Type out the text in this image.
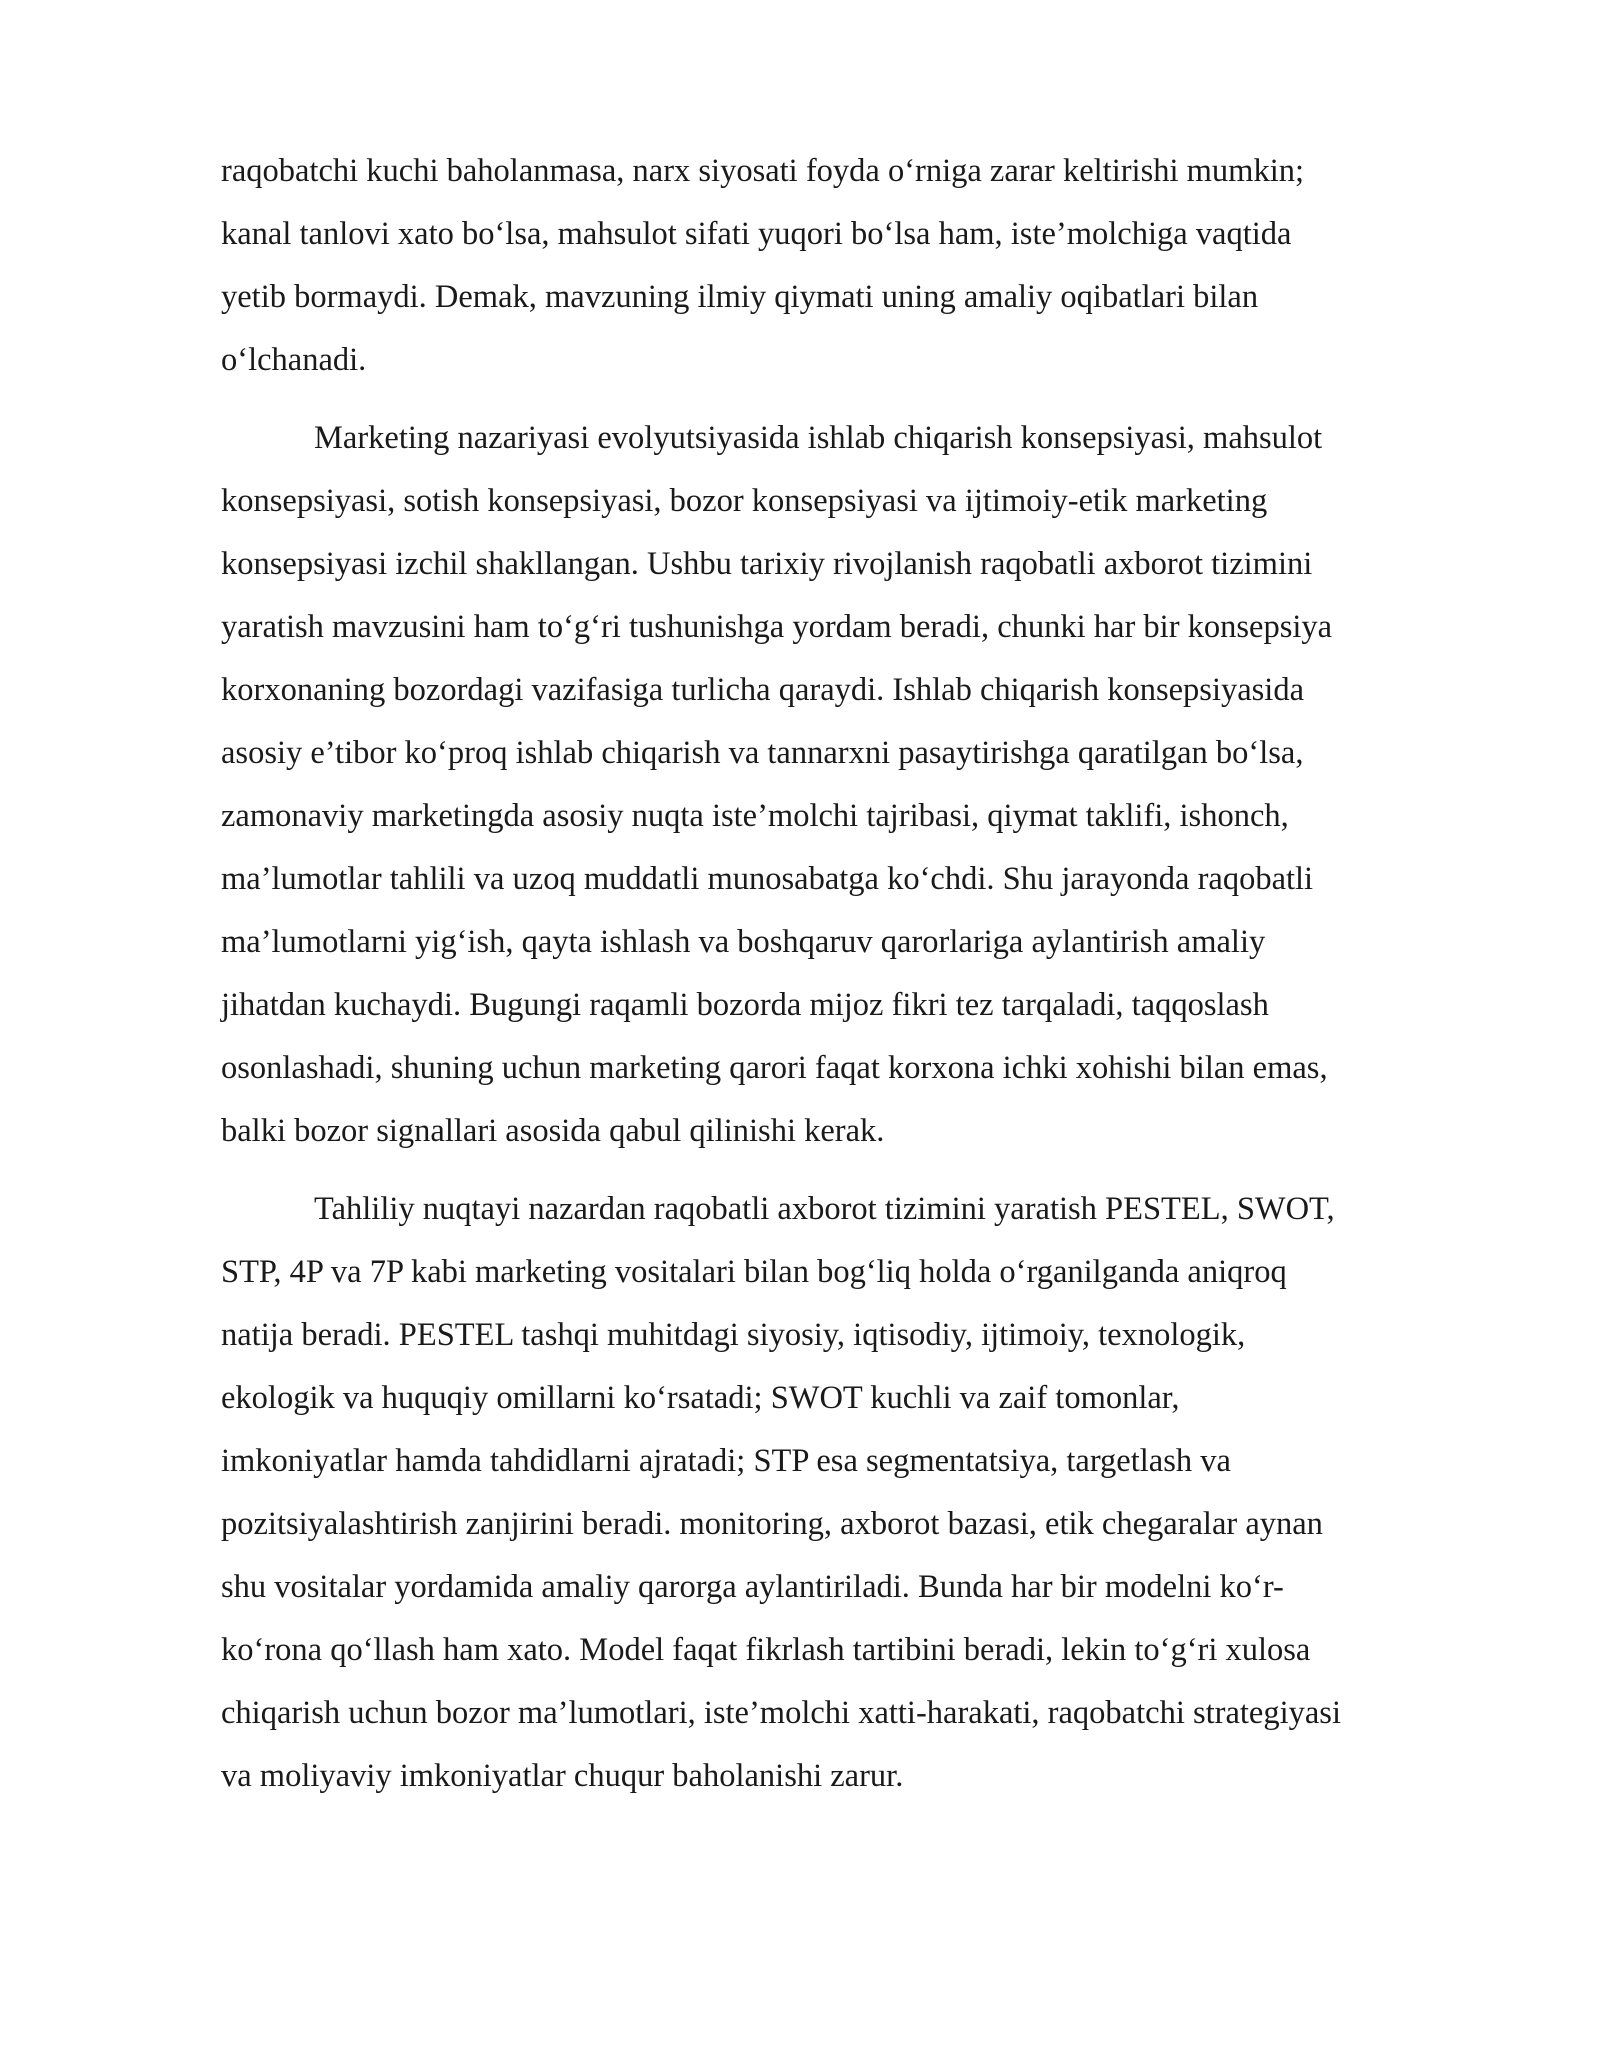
raqobatchi kuchi baholanmasa, narx siyosati foyda o‘rniga zarar keltirishi mumkin;
kanal tanlovi xato bo‘lsa, mahsulot sifati yuqori bo‘lsa ham, iste’molchiga vaqtida
yetib bormaydi. Demak, mavzuning ilmiy qiymati uning amaliy oqibatlari bilan
o‘lchanadi.

Marketing nazariyasi evolyutsiyasida ishlab chiqarish konsepsiyasi, mahsulot
konsepsiyasi, sotish konsepsiyasi, bozor konsepsiyasi va ijtimoiy-etik marketing
konsepsiyasi izchil shakllangan. Ushbu tarixiy rivojlanish raqobatli axborot tizimini
yaratish mavzusini ham to‘g‘ri tushunishga yordam beradi, chunki har bir konsepsiya
korxonaning bozordagi vazifasiga turlicha qaraydi. Ishlab chiqarish konsepsiyasida
asosiy e’tibor ko‘proq ishlab chiqarish va tannarxni pasaytirishga qaratilgan bo‘lsa,
zamonaviy marketingda asosiy nuqta iste’molchi tajribasi, qiymat taklifi, ishonch,
ma’lumotlar tahlili va uzoq muddatli munosabatga ko‘chdi. Shu jarayonda raqobatli
ma’lumotlarni yig‘ish, qayta ishlash va boshqaruv qarorlariga aylantirish amaliy
jihatdan kuchaydi. Bugungi raqamli bozorda mijoz fikri tez tarqaladi, taqqoslash
osonlashadi, shuning uchun marketing qarori faqat korxona ichki xohishi bilan emas,
balki bozor signallari asosida qabul qilinishi kerak.

Tahliliy nuqtayi nazardan raqobatli axborot tizimini yaratish PESTEL, SWOT,
STP, 4P va 7P kabi marketing vositalari bilan bog‘liq holda o‘rganilganda aniqroq
natija beradi. PESTEL tashqi muhitdagi siyosiy, iqtisodiy, ijtimoiy, texnologik,
ekologik va huquqiy omillarni ko‘rsatadi; SWOT kuchli va zaif tomonlar,
imkoniyatlar hamda tahdidlarni ajratadi; STP esa segmentatsiya, targetlash va
pozitsiyalashtirish zanjirini beradi. monitoring, axborot bazasi, etik chegaralar aynan
shu vositalar yordamida amaliy qarorga aylantiriladi. Bunda har bir modelni ko‘r-
ko‘rona qo‘llash ham xato. Model faqat fikrlash tartibini beradi, lekin to‘g‘ri xulosa
chiqarish uchun bozor ma’lumotlari, iste’molchi xatti-harakati, raqobatchi strategiyasi
va moliyaviy imkoniyatlar chuqur baholanishi zarur.
